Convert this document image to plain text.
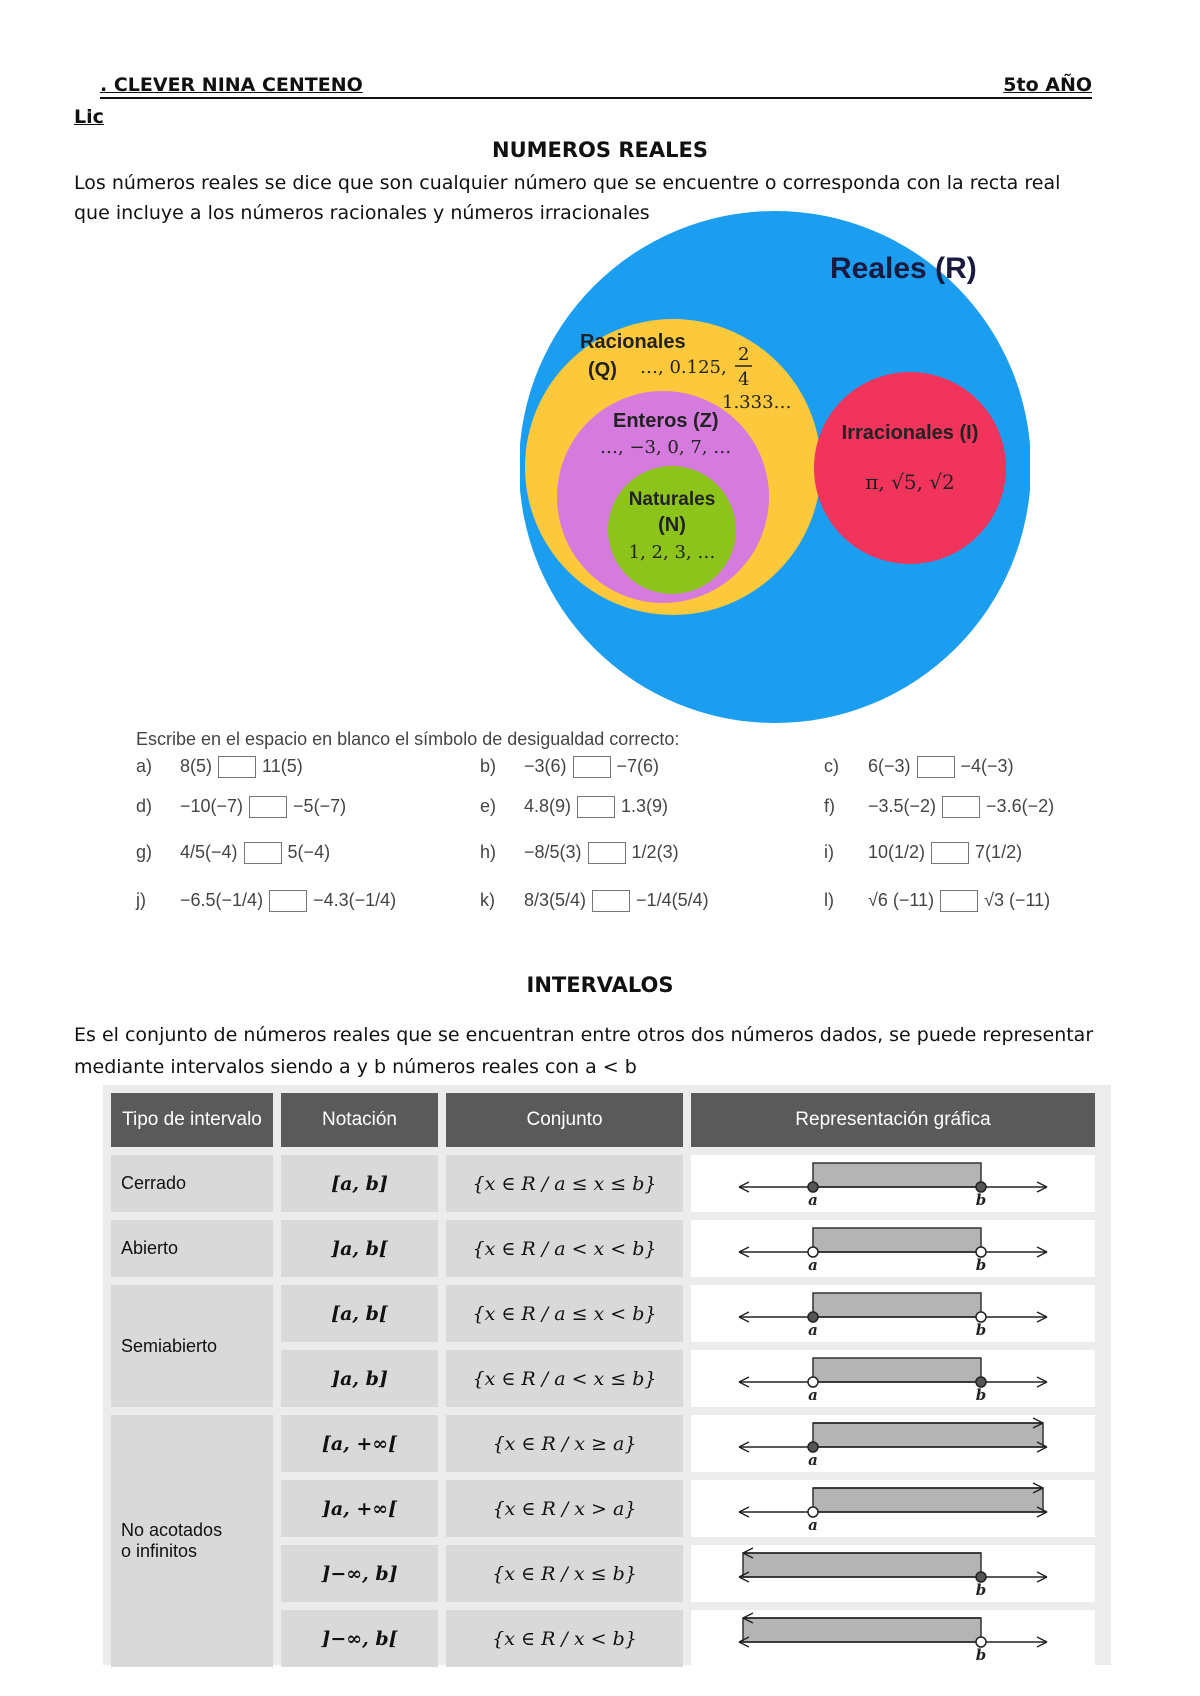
. CLEVER NINA CENTENO	5to AÑO
Lic
NUMEROS REALES
Los números reales se dice que son cualquier número que se encuentre o corresponda con la recta real
que incluye a los números racionales y números irracionales
Reales (R)
Racionales
(Q) …, 0.125,
2
4
1.333…
Enteros (Z)
…, −3, 0, 7, …
Naturales
(N)
1, 2, 3, …
Irracionales (I)
π, √5, √2
Escribe en el espacio en blanco el símbolo de desigualdad correcto:
a) 8(5)	11(5)	b) −3(6)	−7(6)	c) 6(−3)	−4(−3)
d) −10(−7)	−5(−7)	e) 4.8(9)	1.3(9)	f) −3.5(−2)	−3.6(−2)
g) 4/5(−4)	5(−4)	h) −8/5(3)	1/2(3)	i) 10(1/2)	7(1/2)
j) −6.5(−1/4)	−4.3(−1/4)	k) 8/3(5/4)	−1/4(5/4)	l) √6 (−11)	√3 (−11)
INTERVALOS
Es el conjunto de números reales que se encuentran entre otros dos números dados, se puede representar
mediante intervalos siendo a y b números reales con a < b
Tipo de intervalo	Notación	Conjunto	Representación gráfica
Cerrado	[a, b]	{x ∈ R / a ≤ x ≤ b}	a b

Abierto	]a, b[	{x ∈ R / a < x < b}	a b

Semiabierto	[a, b[	{x ∈ R / a ≤ x < b}	a b

	]a, b]	{x ∈ R / a < x ≤ b}	a b

No acotados o infinitos	[a, +∞[	{x ∈ R / x ≥ a}	a

	]a, +∞[	{x ∈ R / x > a}	a

	]−∞, b]	{x ∈ R / x ≤ b}	b

	]−∞, b[	{x ∈ R / x < b}	b
